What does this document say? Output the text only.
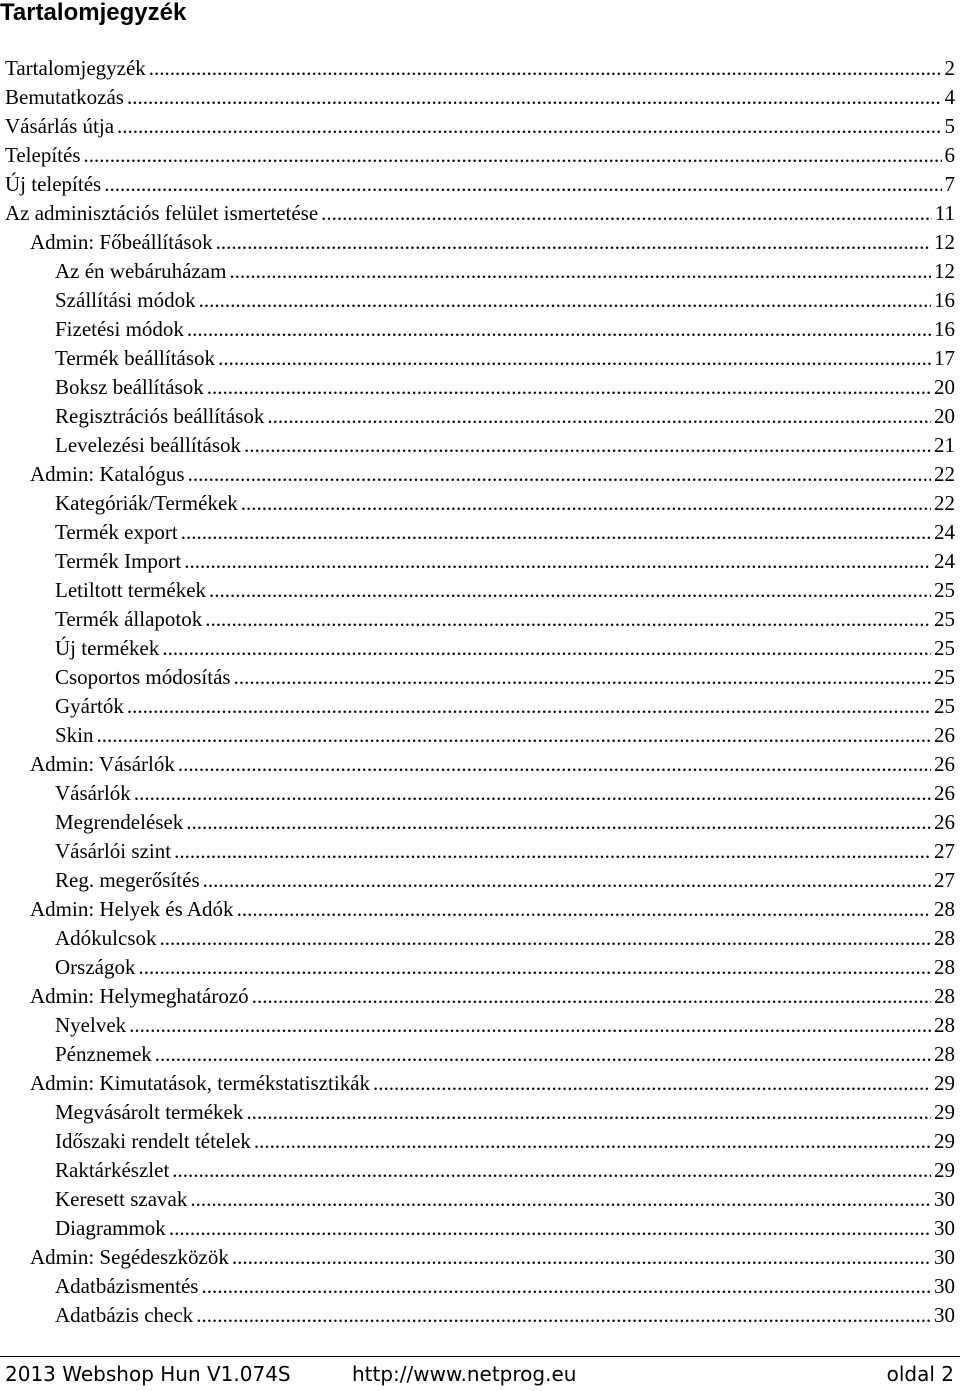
Tartalomjegyzék
Tartalomjegyzék .....	2
Bemutatkozás .....	4
Vásárlás útja .....	5
Telepítés .....	6
Új telepítés .....	7
Az adminisztációs felület ismertetése .....	11
Admin: Főbeállítások .....	12
Az én webáruházam .....	12
Szállítási módok .....	16
Fizetési módok .....	16
Termék beállítások .....	17
Boksz beállítások .....	20
Regisztrációs beállítások .....	20
Levelezési beállítások .....	21
Admin: Katalógus .....	22
Kategóriák/Termékek .....	22
Termék export .....	24
Termék Import .....	24
Letiltott termékek .....	25
Termék állapotok .....	25
Új termékek .....	25
Csoportos módosítás .....	25
Gyártók .....	25
Skin .....	26
Admin: Vásárlók .....	26
Vásárlók .....	26
Megrendelések .....	26
Vásárlói szint .....	27
Reg. megerősítés .....	27
Admin: Helyek és Adók .....	28
Adókulcsok .....	28
Országok .....	28
Admin: Helymeghatározó .....	28
Nyelvek .....	28
Pénznemek .....	28
Admin: Kimutatások, termékstatisztikák .....	29
Megvásárolt termékek .....	29
Időszaki rendelt tételek .....	29
Raktárkészlet .....	29
Keresett szavak .....	30
Diagrammok .....	30
Admin: Segédeszközök .....	30
Adatbázismentés .....	30
Adatbázis check .....	30
2013 Webshop Hun V1.074S	http://www.netprog.eu	oldal 2
